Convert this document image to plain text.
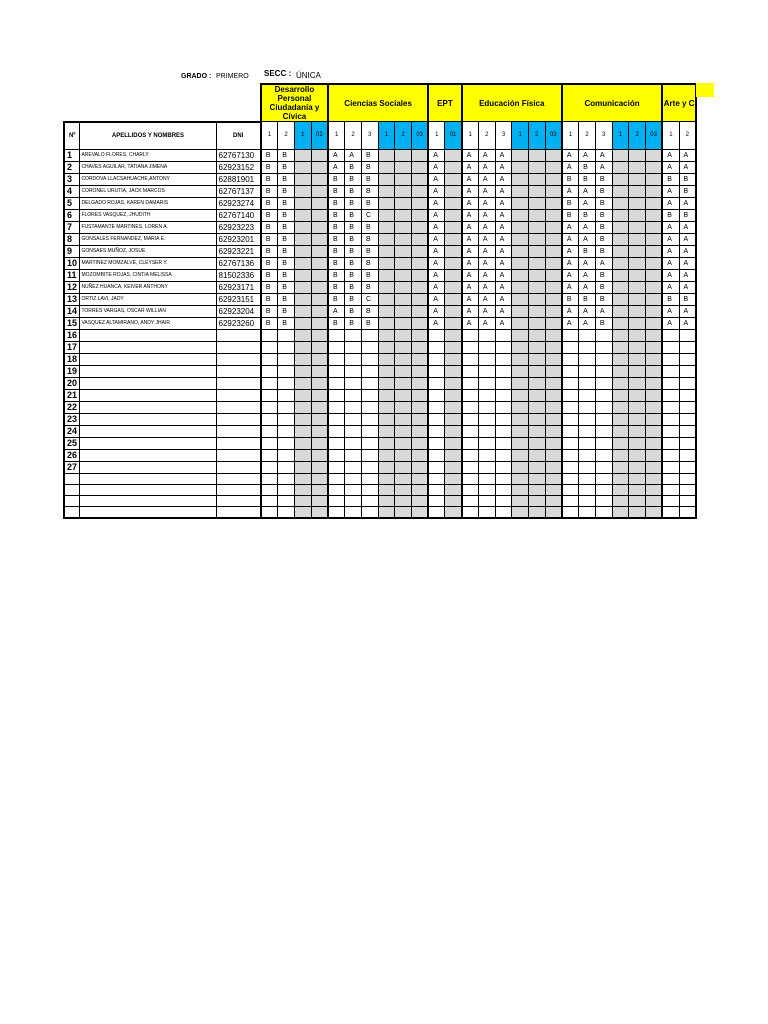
GRADO : PRIMERO SECC : ÚNICA
			Desarrollo Personal Ciudadanía y Cívica				Ciencias Sociales						EPT		Educación Física						Comunicación						Arte y C	
Nº	APELLIDOS Y NOMBRES	DNI	1	2	1	02	1	2	3	1	2	03	1	01	1	2	3	1	2	03	1	2	3	1	2	03	1	2
1	AREVALO FLORES, CHARLY	62767130	B	B			A	A	B				A		A	A	A				A	A	A				A	A
2	CHAVES AGUILAR, TATIANA JIMENA	62923152	B	B			A	B	B				A		A	A	A				A	B	A				A	A
3	CORDOVA LLACSAHUACHE,ANTONY	62881901	B	B			B	B	B				A		A	A	A				B	B	B				B	B
4	CORONEL URUTIA, JACK MARCOS	62767137	B	B			B	B	B				A		A	A	A				A	A	B				A	B
5	DELGADO ROJAS, KAREN DAMARIS	62923274	B	B			B	B	B				A		A	A	A				B	A	B				A	A
6	FLORES VASQUEZ, JHUDITH	62767140	B	B			B	B	C				A		A	A	A				B	B	B				B	B
7	FUSTAMANTE MARTINES, LOREN A.	62923223	B	B			B	B	B				A		A	A	A				A	A	B				A	A
8	GONSALES FERNANDEZ, MARIA E.	62923201	B	B			B	B	B				A		A	A	A				A	A	B				A	A
9	GONSAES MUÑOZ, JOSUE	62923221	B	B			B	B	B				A		A	A	A				A	B	B				A	A
10	MARTINEZ MOMZALVE, CLEYSER Y.	62767136	B	B			B	B	B				A		A	A	A				A	A	A				A	A
11	MOZOMBITE ROJAS, CINTIA MELISSA	81502336	B	B			B	B	B				A		A	A	A				A	A	B				A	A
12	NUÑEZ HUANCA, KEIVER ANTHONY	62923171	B	B			B	B	B				A		A	A	A				A	A	B				A	A
13	ORTIZ LAVI, JADY	62923151	B	B			B	B	C				A		A	A	A				B	B	B				B	B
14	TORRES VARGAS, OSCAR WILLIAN	62923204	B	B			A	B	B				A		A	A	A				A	A	A				A	A
15	VASQUEZ ALTAMIRANO, ANDY JHAIR	62923260	B	B			B	B	B				A		A	A	A				A	A	B				A	A
16																												
17																												
18																												
19																												
20																												
21																												
22																												
23																												
24																												
25																												
26																												
27																												
